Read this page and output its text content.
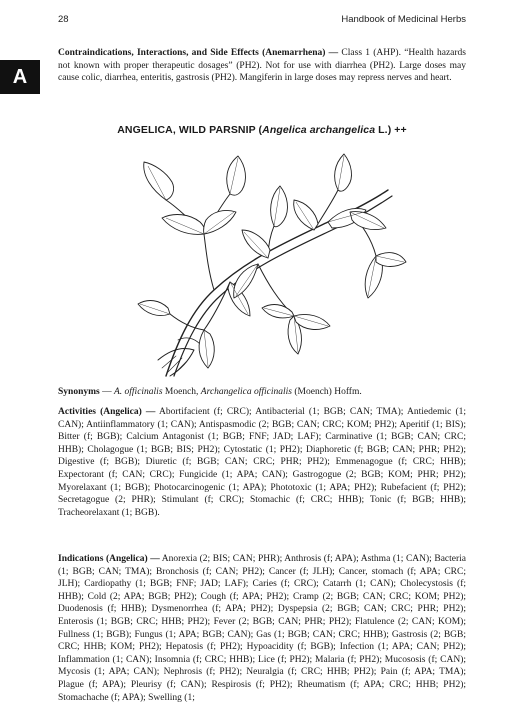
28	Handbook of Medicinal Herbs
A

Contraindications, Interactions, and Side Effects (Anemarrhena) — Class 1 (AHP). “Health hazards not known with proper therapeutic dosages” (PH2). Not for use with diarrhea (PH2). Large doses may cause colic, diarrhea, enteritis, gastrosis (PH2). Mangiferin in large doses may repress nerves and heart.

ANGELICA, WILD PARSNIP (Angelica archangelica L.) ++

Synonyms — A. officinalis Moench, Archangelica officinalis (Moench) Hoffm.

Activities (Angelica) — Abortifacient (f; CRC); Antibacterial (1; BGB; CAN; TMA); Antiedemic (1; CAN); Antiinflammatory (1; CAN); Antispasmodic (2; BGB; CAN; CRC; KOM; PH2); Aperitif (1; BIS); Bitter (f; BGB); Calcium Antagonist (1; BGB; FNF; JAD; LAF); Carminative (1; BGB; CAN; CRC; HHB); Cholagogue (1; BGB; BIS; PH2); Cytostatic (1; PH2); Diaphoretic (f; BGB; CAN; PHR; PH2); Digestive (f; BGB); Diuretic (f; BGB; CAN; CRC; PHR; PH2); Emmenagogue (f; CRC; HHB); Expectorant (f; CAN; CRC); Fungicide (1; APA; CAN); Gastrogogue (2; BGB; KOM; PHR; PH2); Myorelaxant (1; BGB); Photocarcinogenic (1; APA); Phototoxic (1; APA; PH2); Rubefacient (f; PH2); Secretagogue (2; PHR); Stimulant (f; CRC); Stomachic (f; CRC; HHB); Tonic (f; BGB; HHB); Tracheorelaxant (1; BGB).

Indications (Angelica) — Anorexia (2; BIS; CAN; PHR); Anthrosis (f; APA); Asthma (1; CAN); Bacteria (1; BGB; CAN; TMA); Bronchosis (f; CAN; PH2); Cancer (f; JLH); Cancer, stomach (f; APA; CRC; JLH); Cardiopathy (1; BGB; FNF; JAD; LAF); Caries (f; CRC); Catarrh (1; CAN); Cholecystosis (f; HHB); Cold (2; APA; BGB; PH2); Cough (f; APA; PH2); Cramp (2; BGB; CAN; CRC; KOM; PH2); Duodenosis (f; HHB); Dysmenorrhea (f; APA; PH2); Dyspepsia (2; BGB; CAN; CRC; PHR; PH2); Enterosis (1; BGB; CRC; HHB; PH2); Fever (2; BGB; CAN; PHR; PH2); Flatulence (2; CAN; KOM); Fullness (1; BGB); Fungus (1; APA; BGB; CAN); Gas (1; BGB; CAN; CRC; HHB); Gastrosis (2; BGB; CRC; HHB; KOM; PH2); Hepatosis (f; PH2); Hypoacidity (f; BGB); Infection (1; APA; CAN; PH2); Inflammation (1; CAN); Insomnia (f; CRC; HHB); Lice (f; PH2); Malaria (f; PH2); Mucososis (f; CAN); Mycosis (1; APA; CAN); Nephrosis (f; PH2); Neuralgia (f; CRC; HHB; PH2); Pain (f; APA; TMA); Plague (f; APA); Pleurisy (f; CAN); Respirosis (f; PH2); Rheumatism (f; APA; CRC; HHB; PH2); Stomachache (f; APA); Swelling (1;
